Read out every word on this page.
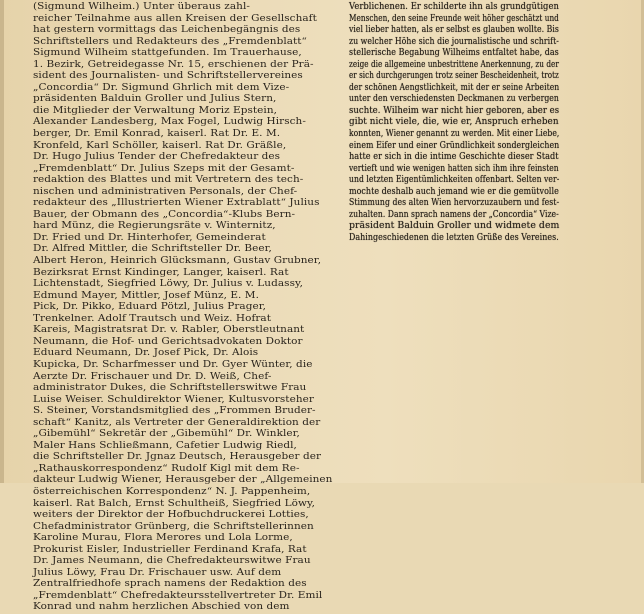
(Sigmund Wilheim.) Unter überaus zahl-
reicher Teilnahme aus allen Kreisen der Gesellschaft
hat gestern vormittags das Leichenbegängnis des
Schriftstellers und Redakteurs des „Fremdenblatt“
Sigmund Wilheim stattgefunden. Im Trauerhause,
1. Bezirk, Getreidegasse Nr. 15, erschienen der Prä-
sident des Journalisten- und Schriftstellervereines
„Concordia“ Dr. Sigmund Ghrlich mit dem Vize-
präsidenten Balduin Groller und Julius Stern,
die Mitglieder der Verwaltung Moriz Epstein,
Alexander Landesberg, Max Fogel, Ludwig Hirsch-
berger, Dr. Emil Konrad, kaiserl. Rat Dr. E. M.
Kronfeld, Karl Schöller, kaiserl. Rat Dr. Gräßle,
Dr. Hugo Julius Tender der Chefredakteur des
„Fremdenblatt“ Dr. Julius Szeps mit der Gesamt-
redaktion des Blattes und mit Vertretern des tech-
nischen und administrativen Personals, der Chef-
redakteur des „Illustrierten Wiener Extrablatt“ Julius
Bauer, der Obmann des „Concordia“-Klubs Bern-
hard Münz, die Regierungsräte v. Winternitz,
Dr. Fried und Dr. Hinterhofer, Gemeinderat
Dr. Alfred Mittler, die Schriftsteller Dr. Beer,
Albert Heron, Heinrich Glücksmann, Gustav Grubner,
Bezirksrat Ernst Kindinger, Langer, kaiserl. Rat
Lichtenstadt, Siegfried Löwy, Dr. Julius v. Ludassy,
Edmund Mayer, Mittler, Josef Münz, E. M.
Pick, Dr. Pikko, Eduard Pötzl, Julius Prager,
Trenkelner. Adolf Trautsch und Weiz. Hofrat
Kareis, Magistratsrat Dr. v. Rabler, Oberstleutnant
Neumann, die Hof- und Gerichtsadvokaten Doktor
Eduard Neumann, Dr. Josef Pick, Dr. Alois
Kupicka, Dr. Scharfmesser und Dr. Gyer Wünter, die
Aerzte Dr. Frischauer und Dr. D. Weiß, Chef-
administrator Dukes, die Schriftstellerswitwe Frau
Luise Weiser. Schuldirektor Wiener, Kultusvorsteher
S. Steiner, Vorstandsmitglied des „Frommen Bruder-
schaft“ Kanitz, als Vertreter der Generaldirektion der
„Gibemühl“ Sekretär der „Gibemühl“ Dr. Winkler,
Maler Hans Schließmann, Cafetier Ludwig Riedl,
die Schriftsteller Dr. Jgnaz Deutsch, Herausgeber der
„Rathauskorrespondenz“ Rudolf Kigl mit dem Re-
dakteur Ludwig Wiener, Herausgeber der „Allgemeinen
österreichischen Korrespondenz“ N. J. Pappenheim,
kaiserl. Rat Balch, Ernst Schultheiß, Siegfried Löwy,
weiters der Direktor der Hofbuchdruckerei Lotties,
Chefadministrator Grünberg, die Schriftstellerinnen
Karoline Murau, Flora Merores und Lola Lorme,
Prokurist Eisler, Industrieller Ferdinand Krafa, Rat
Dr. James Neumann, die Chefredakteurswitwe Frau
Julius Löwy, Frau Dr. Frischauer usw. Auf dem
Zentralfriedhofe sprach namens der Redaktion des
„Fremdenblatt“ Chefredakteursstellvertreter Dr. Emil
Konrad und nahm herzlichen Abschied von dem
Verblichenen. Er schilderte ihn als grundgütigen
Menschen, den seine Freunde weit höher geschätzt und
viel lieber hatten, als er selbst es glauben wollte. Bis
zu welcher Höhe sich die journalistische und schrift-
stellerische Begabung Wilheims entfaltet habe, das
zeige die allgemeine unbestrittene Anerkennung, zu der
er sich durchgerungen trotz seiner Bescheidenheit, trotz
der schönen Aengstlichkeit, mit der er seine Arbeiten
unter den verschiedensten Deckmanen zu verbergen
suchte. Wilheim war nicht hier geboren, aber es
gibt nicht viele, die, wie er, Anspruch erheben
konnten, Wiener genannt zu werden. Mit einer Liebe,
einem Eifer und einer Gründlichkeit sondergleichen
hatte er sich in die intime Geschichte dieser Stadt
vertieft und wie wenigen hatten sich ihm ihre feinsten
und letzten Eigentümlichkeiten offenbart. Selten ver-
mochte deshalb auch jemand wie er die gemütvolle
Stimmung des alten Wien hervorzuzaubern und fest-
zuhalten. Dann sprach namens der „Concordia“ Vize-
präsident Balduin Groller und widmete dem
Dahingeschiedenen die letzten Grüße des Vereines.
